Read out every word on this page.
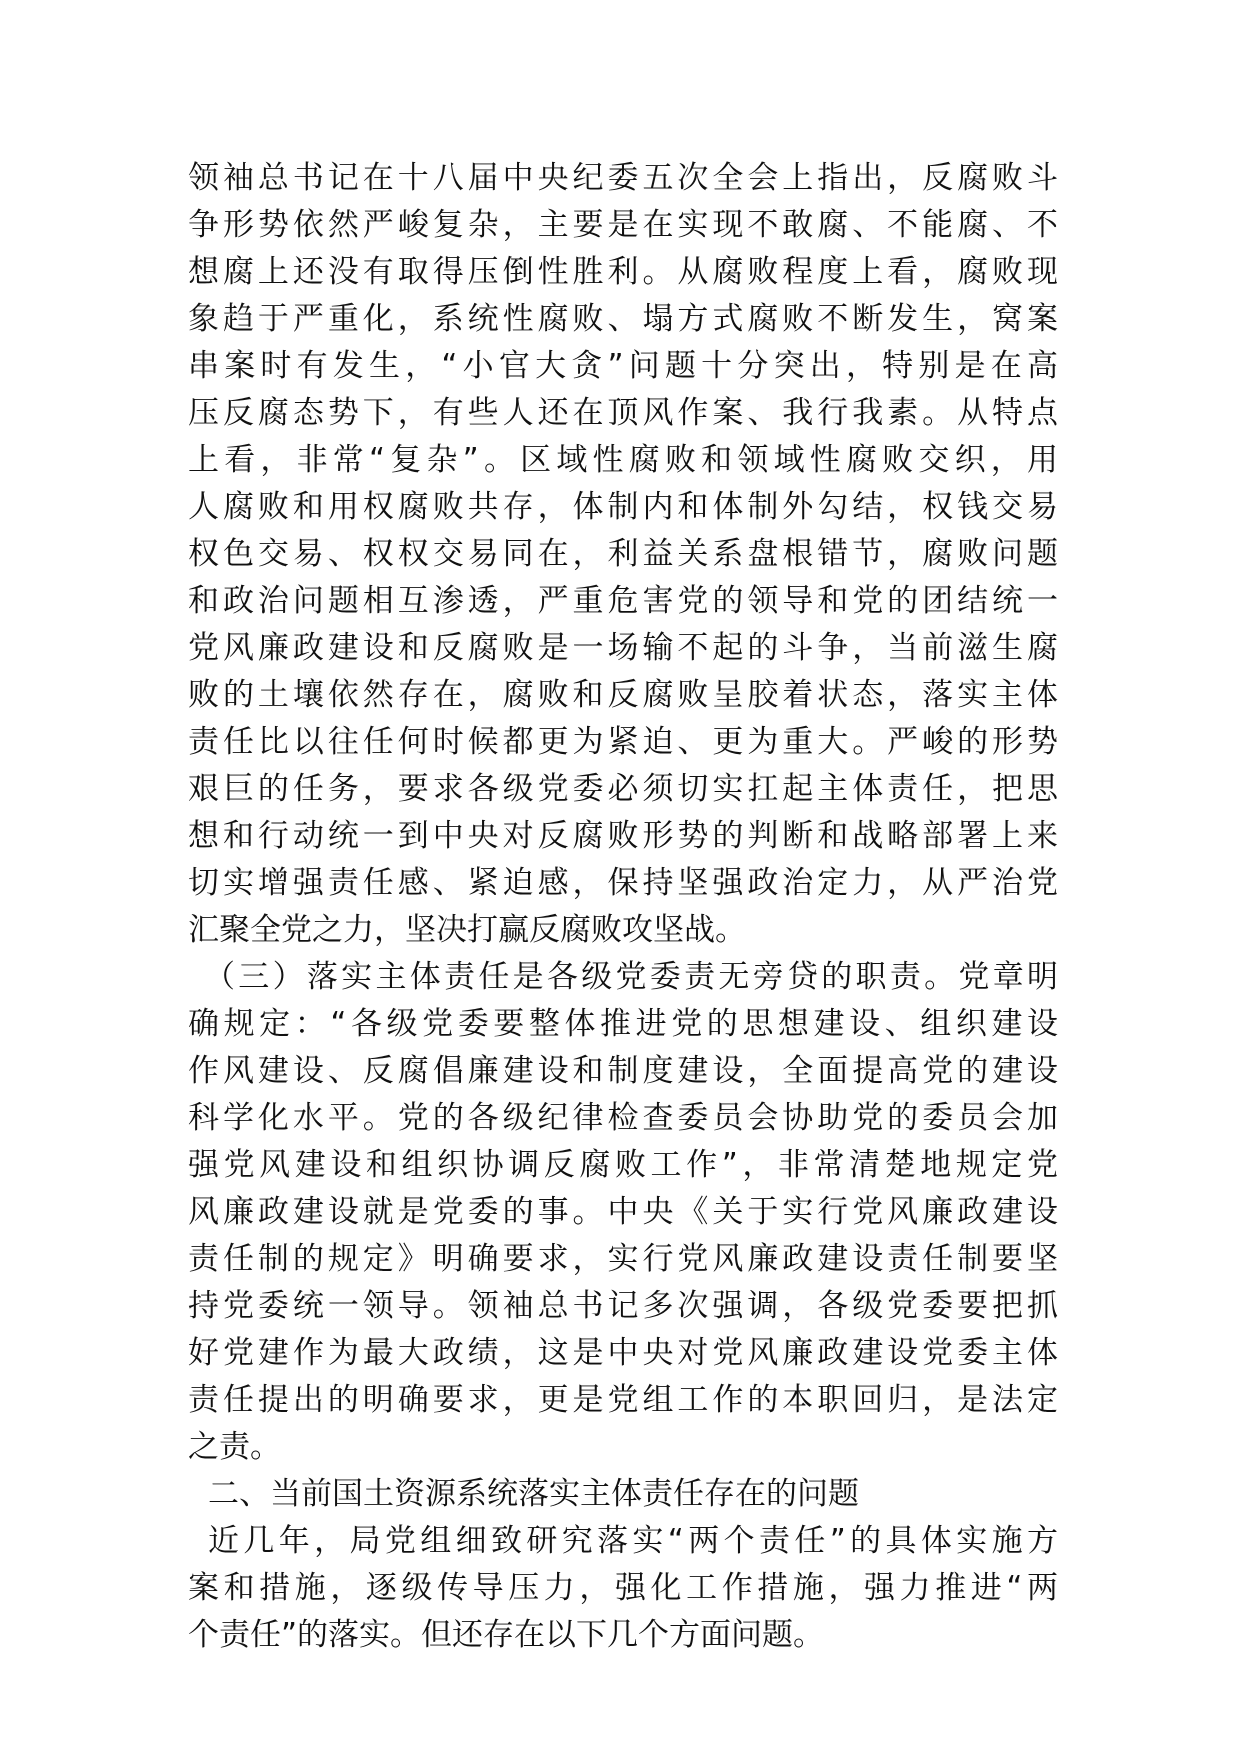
领袖总书记在十八届中央纪委五次全会上指出，反腐败斗
争形势依然严峻复杂，主要是在实现不敢腐、不能腐、不
想腐上还没有取得压倒性胜利。从腐败程度上看，腐败现
象趋于严重化，系统性腐败、塌方式腐败不断发生，窝案
串案时有发生，“小官大贪”问题十分突出，特别是在高
压反腐态势下，有些人还在顶风作案、我行我素。从特点
上看，非常“复杂”。区域性腐败和领域性腐败交织，用
人腐败和用权腐败共存，体制内和体制外勾结，权钱交易
权色交易、权权交易同在，利益关系盘根错节，腐败问题
和政治问题相互渗透，严重危害党的领导和党的团结统一
党风廉政建设和反腐败是一场输不起的斗争，当前滋生腐
败的土壤依然存在，腐败和反腐败呈胶着状态，落实主体
责任比以往任何时候都更为紧迫、更为重大。严峻的形势
艰巨的任务，要求各级党委必须切实扛起主体责任，把思
想和行动统一到中央对反腐败形势的判断和战略部署上来
切实增强责任感、紧迫感，保持坚强政治定力，从严治党
汇聚全党之力，坚决打赢反腐败攻坚战。
（三）落实主体责任是各级党委责无旁贷的职责。党章明
确规定：“各级党委要整体推进党的思想建设、组织建设
作风建设、反腐倡廉建设和制度建设，全面提高党的建设
科学化水平。党的各级纪律检查委员会协助党的委员会加
强党风建设和组织协调反腐败工作”，非常清楚地规定党
风廉政建设就是党委的事。中央《关于实行党风廉政建设
责任制的规定》明确要求，实行党风廉政建设责任制要坚
持党委统一领导。领袖总书记多次强调，各级党委要把抓
好党建作为最大政绩，这是中央对党风廉政建设党委主体
责任提出的明确要求，更是党组工作的本职回归，是法定
之责。
二、当前国土资源系统落实主体责任存在的问题
近几年，局党组细致研究落实“两个责任”的具体实施方
案和措施，逐级传导压力，强化工作措施，强力推进“两
个责任”的落实。但还存在以下几个方面问题。
